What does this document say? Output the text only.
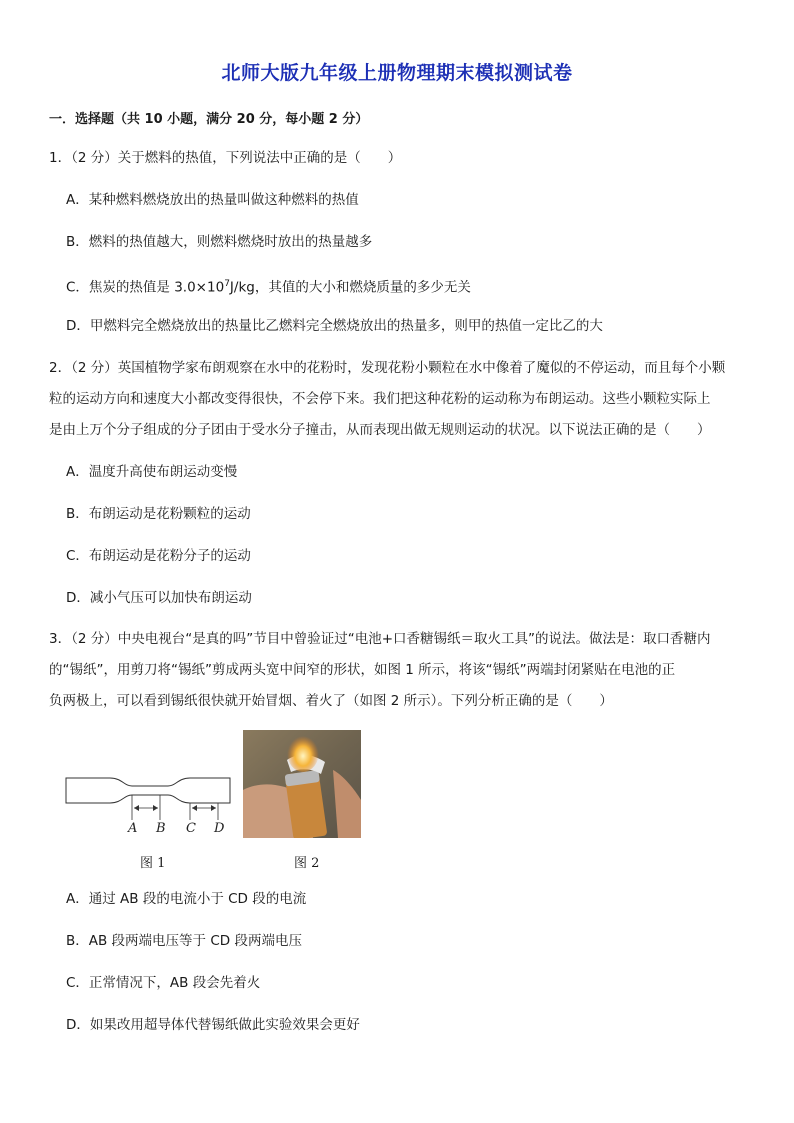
北师大版九年级上册物理期末模拟测试卷
一．选择题（共 10 小题，满分 20 分，每小题 2 分）
1．（2 分）关于燃料的热值，下列说法中正确的是（　　）
A．某种燃料燃烧放出的热量叫做这种燃料的热值
B．燃料的热值越大，则燃料燃烧时放出的热量越多
C．焦炭的热值是 $3.0\times 10^7J/kg$，其值的大小和燃烧质量的多少无关
D．甲燃料完全燃烧放出的热量比乙燃料完全燃烧放出的热量多，则甲的热值一定比乙的大
2．（2 分）英国植物学家布朗观察在水中的花粉时，发现花粉小颗粒在水中像着了魔似的不停运动，而且每个小颗
粒的运动方向和速度大小都改变得很快，不会停下来。我们把这种花粉的运动称为布朗运动。这些小颗粒实际上
是由上万个分子组成的分子团由于受水分子撞击，从而表现出做无规则运动的状况。以下说法正确的是（　　）
A．温度升高使布朗运动变慢
B．布朗运动是花粉颗粒的运动
C．布朗运动是花粉分子的运动
D．减小气压可以加快布朗运动
3．（2 分）中央电视台“是真的吗”节目中曾验证过“电池+口香糖锡纸＝取火工具”的说法。做法是：取口香糖内
的“锡纸”，用剪刀将“锡纸”剪成两头宽中间窄的形状，如图 1 所示，将该“锡纸”两端封闭紧贴在电池的正
负两极上，可以看到锡纸很快就开始冒烟、着火了（如图 2 所示）。下列分析正确的是（　　）
A B C D
图 1	图 2
A．通过 AB 段的电流小于 CD 段的电流
B．AB 段两端电压等于 CD 段两端电压
C．正常情况下，AB 段会先着火
D．如果改用超导体代替锡纸做此实验效果会更好
